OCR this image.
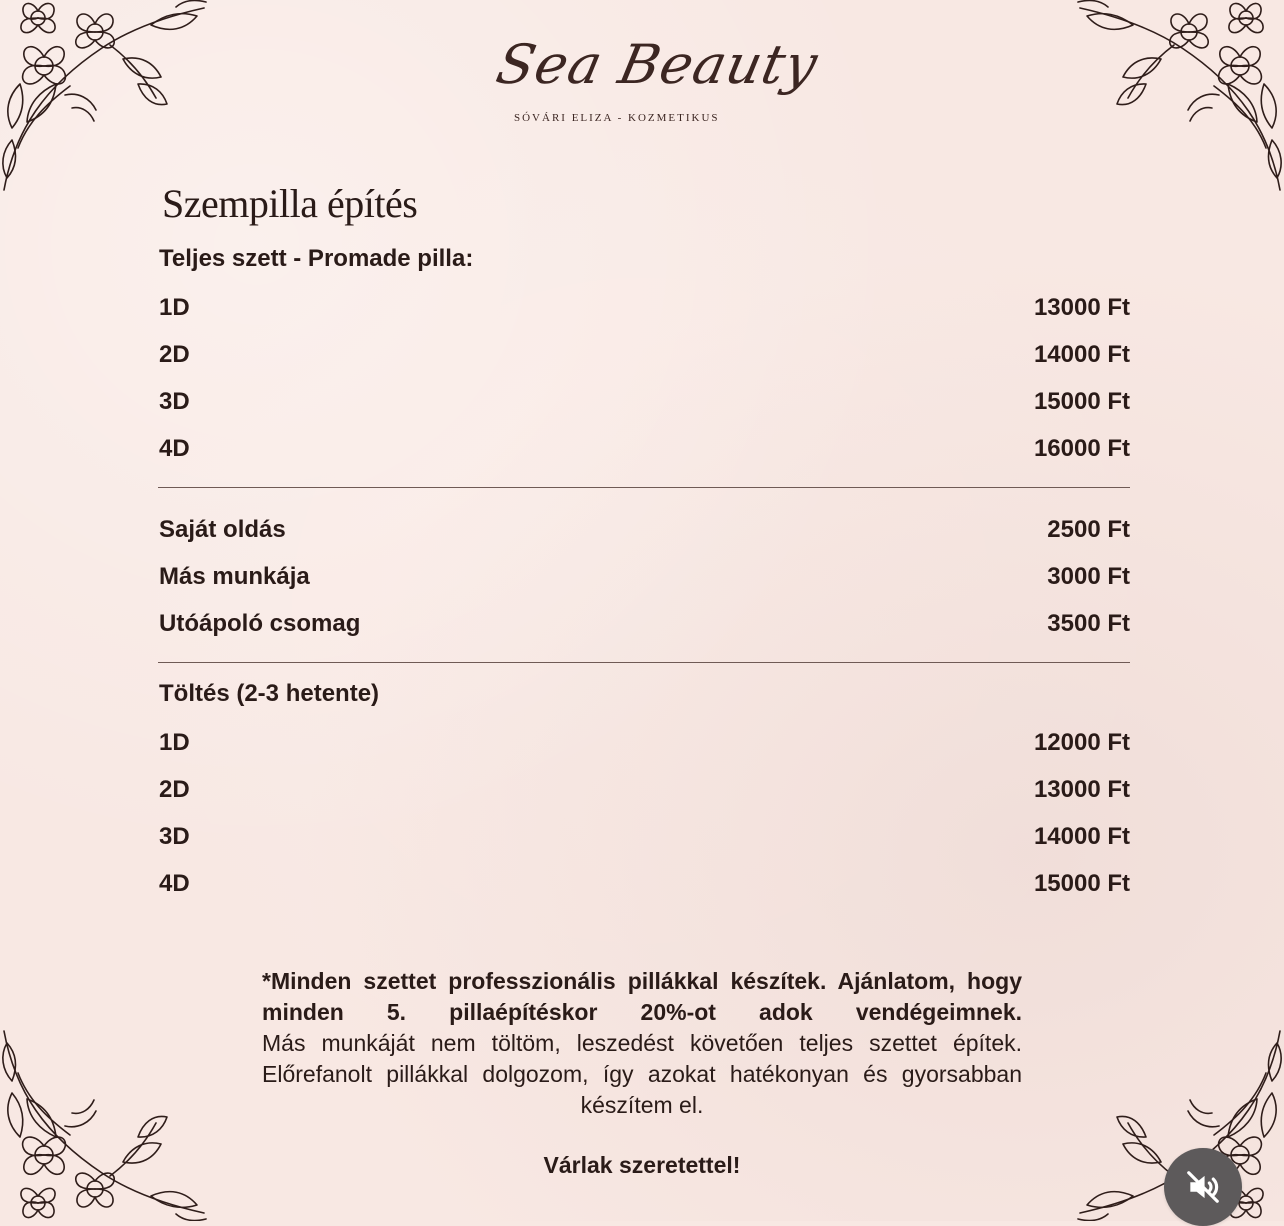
Sea Beauty
SÓVÁRI ELIZA - KOZMETIKUS
Szempilla építés
Teljes szett - Promade pilla:
1D	13000 Ft
2D	14000 Ft
3D	15000 Ft
4D	16000 Ft
Saját oldás	2500 Ft
Más munkája	3000 Ft
Utóápoló csomag	3500 Ft
Töltés (2-3 hetente)
1D	12000 Ft
2D	13000 Ft
3D	14000 Ft
4D	15000 Ft
*Minden szettet professzionális pillákkal készítek. Ajánlatom, hogy minden 5. pillaépítéskor 20%-ot adok vendégeimnek.
Más munkáját nem töltöm, leszedést követően teljes szettet építek. Előrefanolt pillákkal dolgozom, így azokat hatékonyan és gyorsabban készítem el.
Várlak szeretettel!
